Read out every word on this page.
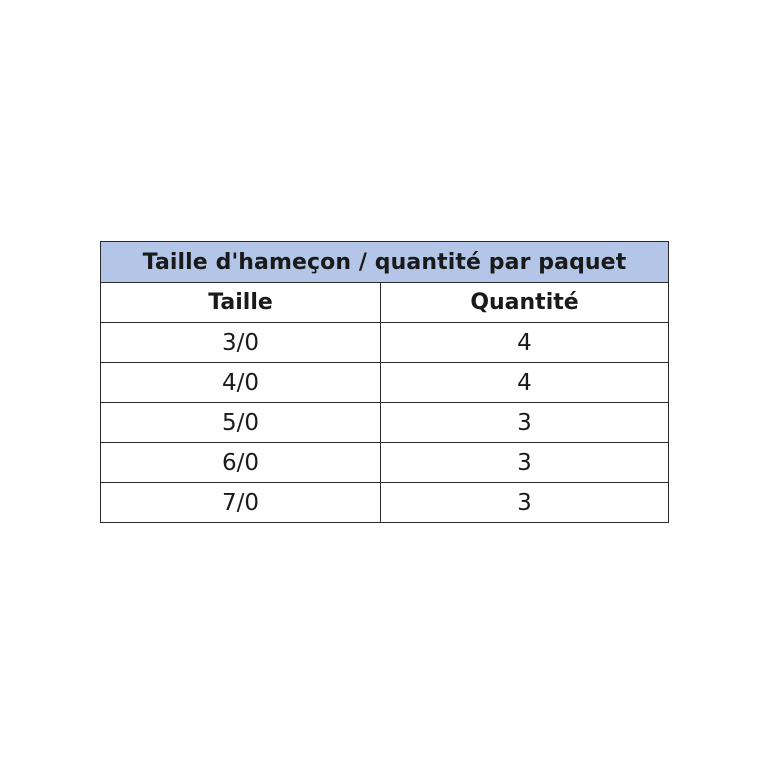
Taille d'hameçon / quantité par paquet	
Taille	Quantité
3/0	4
4/0	4
5/0	3
6/0	3
7/0	3
